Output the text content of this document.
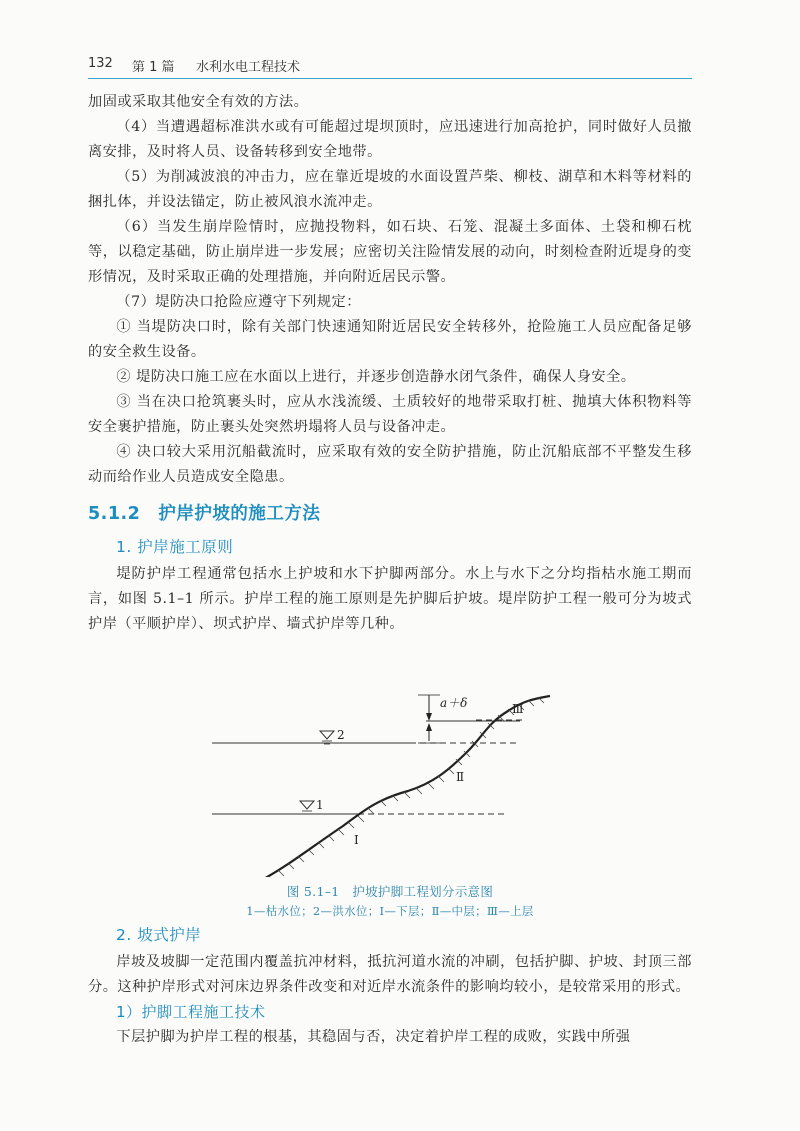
132 第 1 篇 水利水电工程技术

加固或采取其他安全有效的方法。

（4）当遭遇超标准洪水或有可能超过堤坝顶时，应迅速进行加高抢护，同时做好人员撤离安排，及时将人员、设备转移到安全地带。

（5）为削减波浪的冲击力，应在靠近堤坡的水面设置芦柴、柳枝、湖草和木料等材料的捆扎体，并设法锚定，防止被风浪水流冲走。

（6）当发生崩岸险情时，应抛投物料，如石块、石笼、混凝土多面体、土袋和柳石枕等，以稳定基础，防止崩岸进一步发展；应密切关注险情发展的动向，时刻检查附近堤身的变形情况，及时采取正确的处理措施，并向附近居民示警。

（7）堤防决口抢险应遵守下列规定：

① 当堤防决口时，除有关部门快速通知附近居民安全转移外，抢险施工人员应配备足够的安全救生设备。

② 堤防决口施工应在水面以上进行，并逐步创造静水闭气条件，确保人身安全。

③ 当在决口抢筑裹头时，应从水浅流缓、土质较好的地带采取打桩、抛填大体积物料等安全裹护措施，防止裹头处突然坍塌将人员与设备冲走。

④ 决口较大采用沉船截流时，应采取有效的安全防护措施，防止沉船底部不平整发生移动而给作业人员造成安全隐患。

5.1.2 护岸护坡的施工方法
1. 护岸施工原则

堤防护岸工程通常包括水上护坡和水下护脚两部分。水上与水下之分均指枯水施工期而言，如图 5.1–1 所示。护岸工程的施工原则是先护脚后护坡。堤岸防护工程一般可分为坡式护岸（平顺护岸）、坝式护岸、墙式护岸等几种。

a＋δ
2
1
Ⅰ
Ⅱ
Ⅲ
图 5.1–1　护坡护脚工程划分示意图
1—枯水位；2—洪水位；Ⅰ—下层；Ⅱ—中层；Ⅲ—上层
2. 坡式护岸

岸坡及坡脚一定范围内覆盖抗冲材料，抵抗河道水流的冲刷，包括护脚、护坡、封顶三部分。这种护岸形式对河床边界条件改变和对近岸水流条件的影响均较小，是较常采用的形式。

1）护脚工程施工技术

下层护脚为护岸工程的根基，其稳固与否，决定着护岸工程的成败，实践中所强
